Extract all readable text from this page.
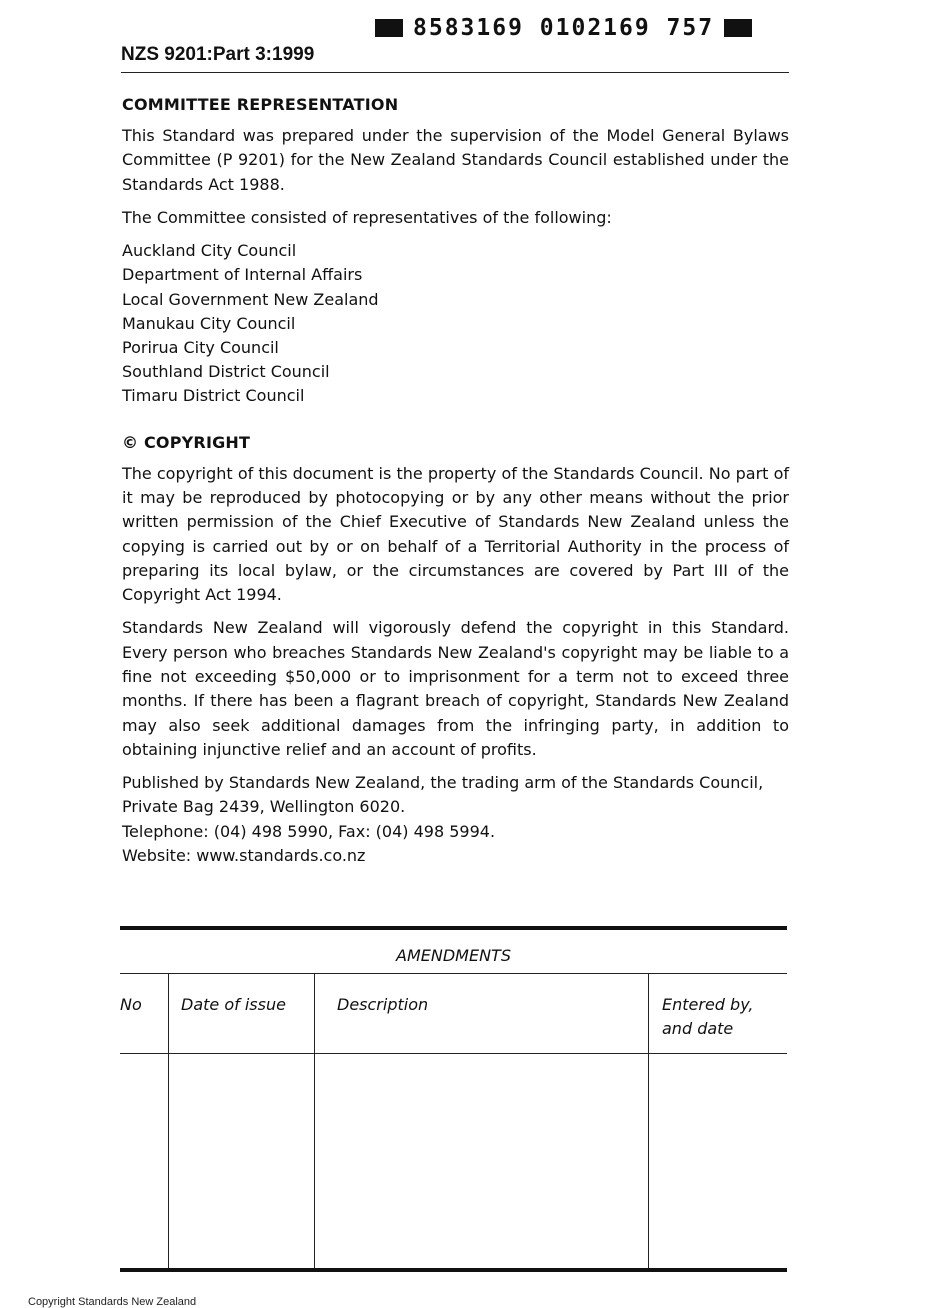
8583169 0102169 757
NZS 9201:Part 3:1999
COMMITTEE REPRESENTATION

This Standard was prepared under the supervision of the Model General Bylaws Committee (P 9201) for the New Zealand Standards Council established under the Standards Act 1988.

The Committee consisted of representatives of the following:

Auckland City Council
Department of Internal Affairs
Local Government New Zealand
Manukau City Council
Porirua City Council
Southland District Council
Timaru District Council
© COPYRIGHT

The copyright of this document is the property of the Standards Council. No part of it may be reproduced by photocopying or by any other means without the prior written permission of the Chief Executive of Standards New Zealand unless the copying is carried out by or on behalf of a Territorial Authority in the process of preparing its local bylaw, or the circumstances are covered by Part III of the Copyright Act 1994.

Standards New Zealand will vigorously defend the copyright in this Standard. Every person who breaches Standards New Zealand's copyright may be liable to a fine not exceeding $50,000 or to imprisonment for a term not to exceed three months. If there has been a flagrant breach of copyright, Standards New Zealand may also seek additional damages from the infringing party, in addition to obtaining injunctive relief and an account of profits.

Published by Standards New Zealand, the trading arm of the Standards Council, Private Bag 2439, Wellington 6020.

Telephone: (04) 498 5990, Fax: (04) 498 5994.

Website: www.standards.co.nz

AMENDMENTS
No Date of issue	Description	Entered by, and date
Copyright Standards New Zealand
